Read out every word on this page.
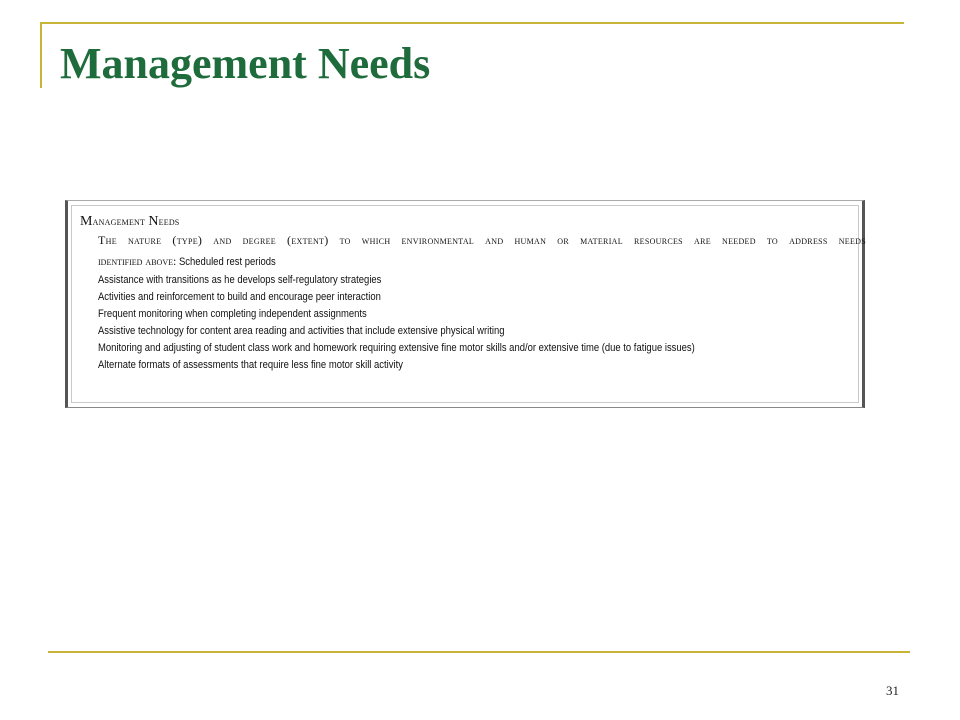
Management Needs
Management Needs
The nature (type) and degree (extent) to which environmental and human or material resources are needed to address needs
identified above: Scheduled rest periods
Assistance with transitions as he develops self-regulatory strategies
Activities and reinforcement to build and encourage peer interaction
Frequent monitoring when completing independent assignments
Assistive technology for content area reading and activities that include extensive physical writing
Monitoring and adjusting of student class work and homework requiring extensive fine motor skills and/or extensive time (due to fatigue issues)
Alternate formats of assessments that require less fine motor skill activity
31
